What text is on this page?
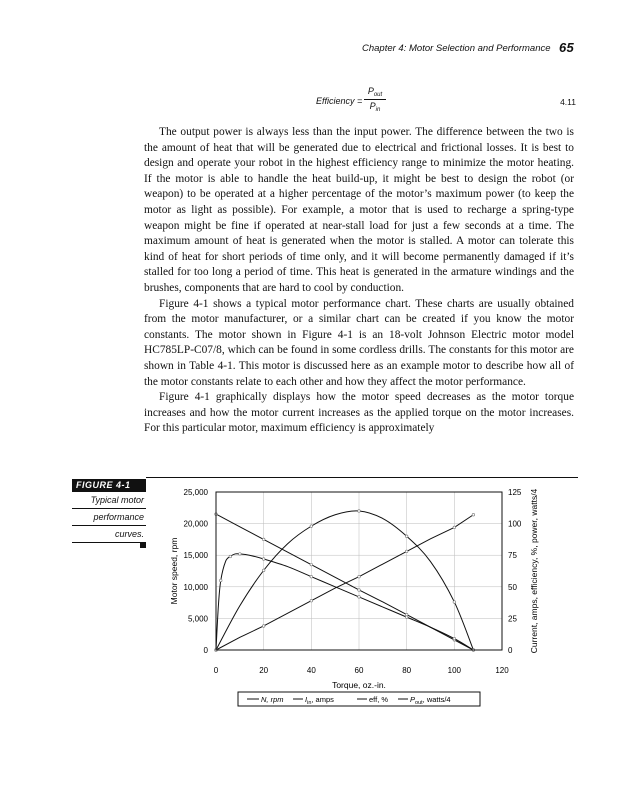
Chapter 4: Motor Selection and Performance 65
Efficiency =
$P_{out}$
$P_{in}$
4.11

The output power is always less than the input power. The difference between the two is the amount of heat that will be generated due to electrical and frictional losses. It is best to design and operate your robot in the highest efficiency range to minimize the motor heating. If the motor is able to handle the heat build-up, it might be best to design the robot (or weapon) to be operated at a higher percentage of the motor’s maximum power (to keep the motor as light as possible). For example, a motor that is used to recharge a spring-type weapon might be fine if operated at near-stall load for just a few seconds at a time. The maximum amount of heat is generated when the motor is stalled. A motor can tolerate this kind of heat for short periods of time only, and it will become permanently damaged if it’s stalled for too long a period of time. This heat is generated in the armature windings and the brushes, components that are hard to cool by conduction.

Figure 4-1 shows a typical motor performance chart. These charts are usually obtained from the motor manufacturer, or a similar chart can be created if you know the motor constants. The motor shown in Figure 4-1 is an 18-volt Johnson Electric motor model HC785LP-C07/8, which can be found in some cordless drills. The constants for this motor are shown in Table 4-1. This motor is discussed here as an example motor to describe how all of the motor constants relate to each other and how they affect the motor performance.

Figure 4-1 graphically displays how the motor speed decreases as the motor torque increases and how the motor current increases as the applied torque on the motor increases. For this particular motor, maximum efficiency is approximately

FIGURE 4-1
Typical motor
performance
curves.
0	20	40	60	80	100	120
0
5,000
10,000
15,000
20,000
25,000
0
25
50
75
100
125
Torque, oz.-in.
Motor speed, rpm	Current, amps, efficiency, %, power, watts/4
N, rpm	$I_{in}$, amps	eff, %	$P_{out}$, watts/4
